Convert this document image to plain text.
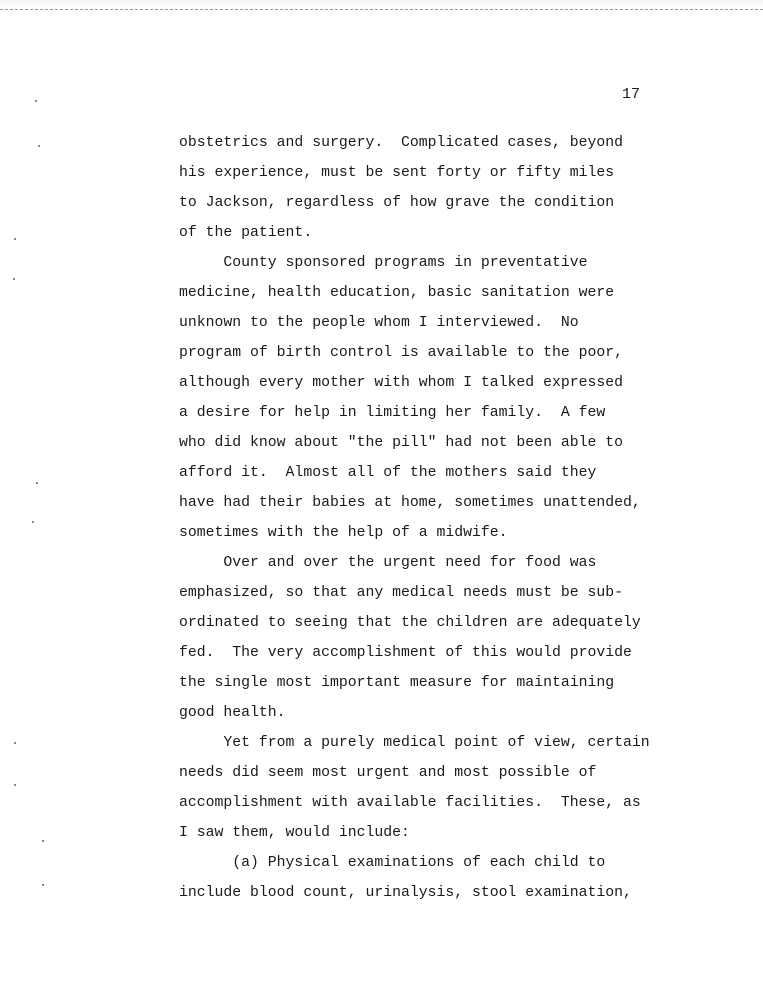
17
obstetrics and surgery.  Complicated cases, beyond
his experience, must be sent forty or fifty miles
to Jackson, regardless of how grave the condition
of the patient.
County sponsored programs in preventative
medicine, health education, basic sanitation were
unknown to the people whom I interviewed.  No
program of birth control is available to the poor,
although every mother with whom I talked expressed
a desire for help in limiting her family.  A few
who did know about "the pill" had not been able to
afford it.  Almost all of the mothers said they
have had their babies at home, sometimes unattended,
sometimes with the help of a midwife.
Over and over the urgent need for food was
emphasized, so that any medical needs must be sub-
ordinated to seeing that the children are adequately
fed.  The very accomplishment of this would provide
the single most important measure for maintaining
good health.
Yet from a purely medical point of view, certain
needs did seem most urgent and most possible of
accomplishment with available facilities.  These, as
I saw them, would include:
(a) Physical examinations of each child to
include blood count, urinalysis, stool examination,
